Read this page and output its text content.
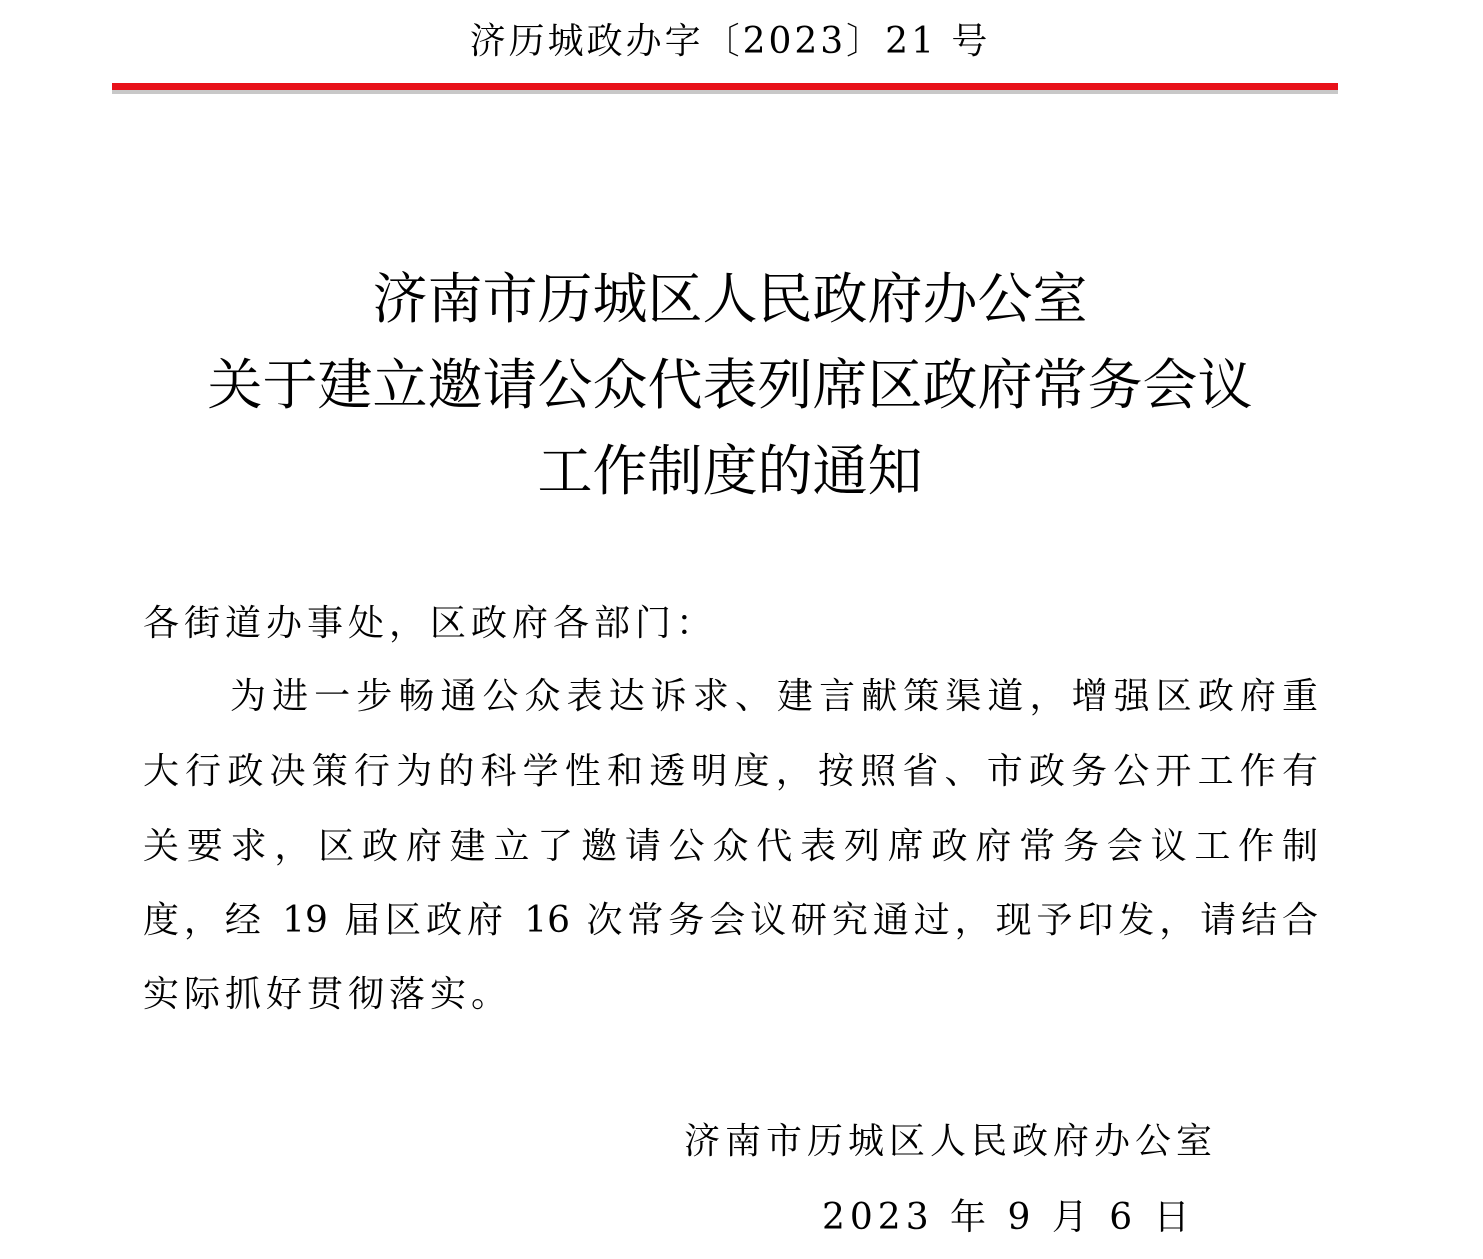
济历城政办字〔2023〕21 号
济南市历城区人民政府办公室
关于建立邀请公众代表列席区政府常务会议
工作制度的通知
各街道办事处，区政府各部门：
为进一步畅通公众表达诉求、建言献策渠道，增强区政府重
大行政决策行为的科学性和透明度，按照省、市政务公开工作有
关要求，区政府建立了邀请公众代表列席政府常务会议工作制
度，经 19 届区政府 16 次常务会议研究通过，现予印发，请结合
实际抓好贯彻落实。
济南市历城区人民政府办公室
2023 年 9 月 6 日
